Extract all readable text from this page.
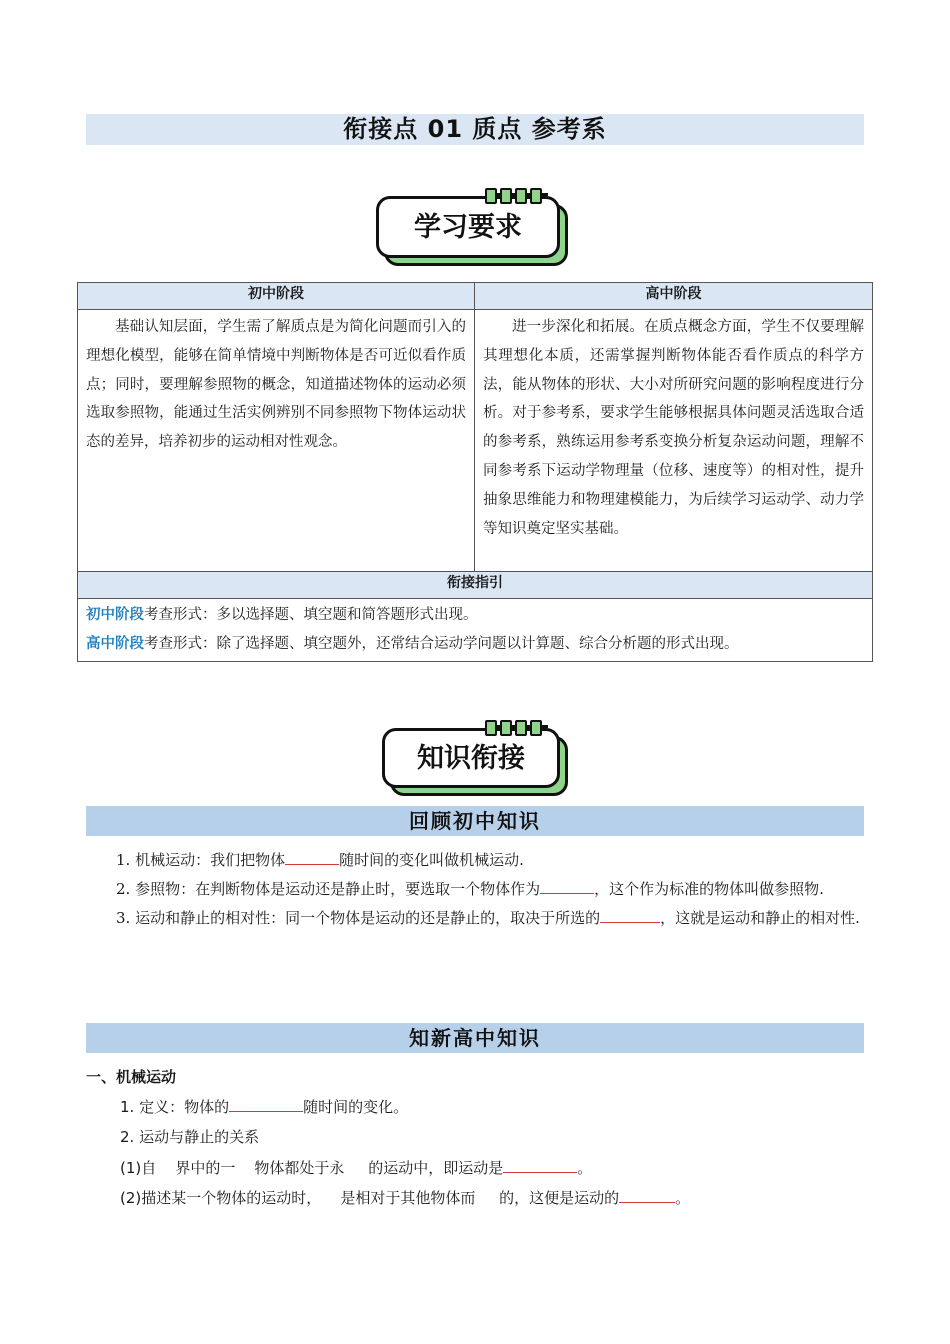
衔接点 01 质点 参考系
学习要求
初中阶段	高中阶段

基础认知层面，学生需了解质点是为简化问题而引入的理想化模型，能够在简单情境中判断物体是否可近似看作质点；同时，要理解参照物的概念，知道描述物体的运动必须选取参照物，能通过生活实例辨别不同参照物下物体运动状态的差异，培养初步的运动相对性观念。	进一步深化和拓展。在质点概念方面，学生不仅要理解其理想化本质，还需掌握判断物体能否看作质点的科学方法，能从物体的形状、大小对所研究问题的影响程度进行分析。对于参考系，要求学生能够根据具体问题灵活选取合适的参考系，熟练运用参考系变换分析复杂运动问题，理解不同参考系下运动学物理量（位移、速度等）的相对性，提升抽象思维能力和物理建模能力，为后续学习运动学、动力学等知识奠定坚实基础。

衔接指引	

初中阶段考查形式：多以选择题、填空题和简答题形式出现。
高中阶段考查形式：除了选择题、填空题外，还常结合运动学问题以计算题、综合分析题的形式出现。	
知识衔接
回顾初中知识

1. 机械运动：我们把物体	随时间的变化叫做机械运动.

2. 参照物：在判断物体是运动还是静止时，要选取一个物体作为	，这个作为标准的物体叫做参照物.

3. 运动和静止的相对性：同一个物体是运动的还是静止的，取决于所选的	，这就是运动和静止的相对性.

知新高中知识
一、机械运动
1. 定义：物体的	随时间的变化。
2. 运动与静止的关系
(1)自    界中的一    物体都处于永     的运动中，即运动是	。
(2)描述某一个物体的运动时，    是相对于其他物体而     的，这便是运动的	。
